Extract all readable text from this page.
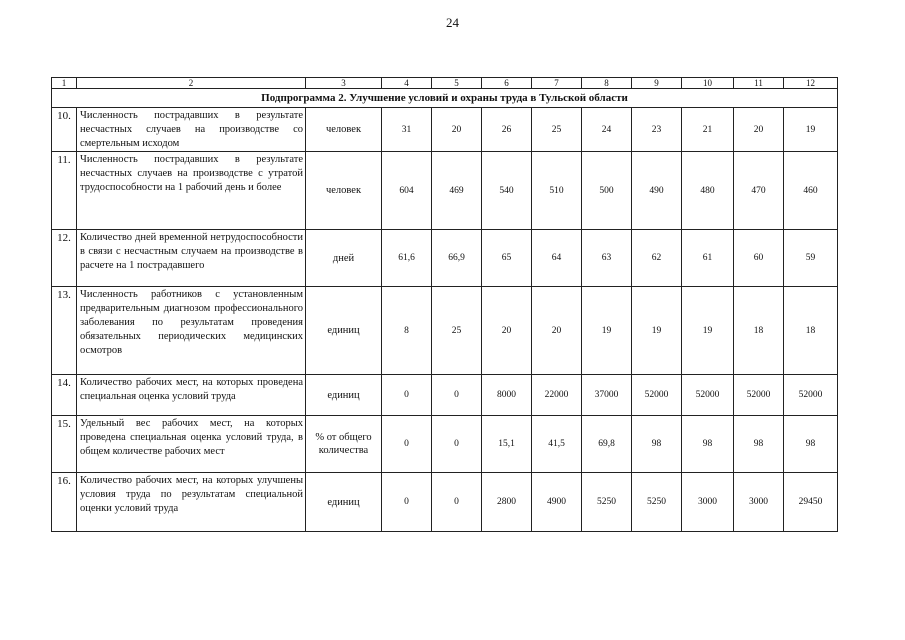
24
1	2	3	4	5	6	7	8	9	10	11	12
Подпрограмма 2. Улучшение условий и охраны труда в Тульской области											
10.	Численность пострадавших в результате несчастных случаев на производстве со смертельным исходом	человек	31	20	26	25	24	23	21	20	19
11.	Численность пострадавших в результате несчастных случаев на производстве с утратой трудоспособности на 1 рабочий день и более	человек	604	469	540	510	500	490	480	470	460
12.	Количество дней временной нетрудоспособности в связи с несчастным случаем на производстве в расчете на 1 пострадавшего	дней	61,6	66,9	65	64	63	62	61	60	59
13.	Численность работников с установленным предварительным диагнозом профессионального заболевания по результатам проведения обязательных периодических медицинских осмотров	единиц	8	25	20	20	19	19	19	18	18
14.	Количество рабочих мест, на которых проведена специальная оценка условий труда	единиц	0	0	8000	22000	37000	52000	52000	52000	52000
15.	Удельный вес рабочих мест, на которых проведена специальная оценка условий труда, в общем количестве рабочих мест	% от общего количества	0	0	15,1	41,5	69,8	98	98	98	98
16.	Количество рабочих мест, на которых улучшены условия труда по результатам специальной оценки условий труда	единиц	0	0	2800	4900	5250	5250	3000	3000	29450
